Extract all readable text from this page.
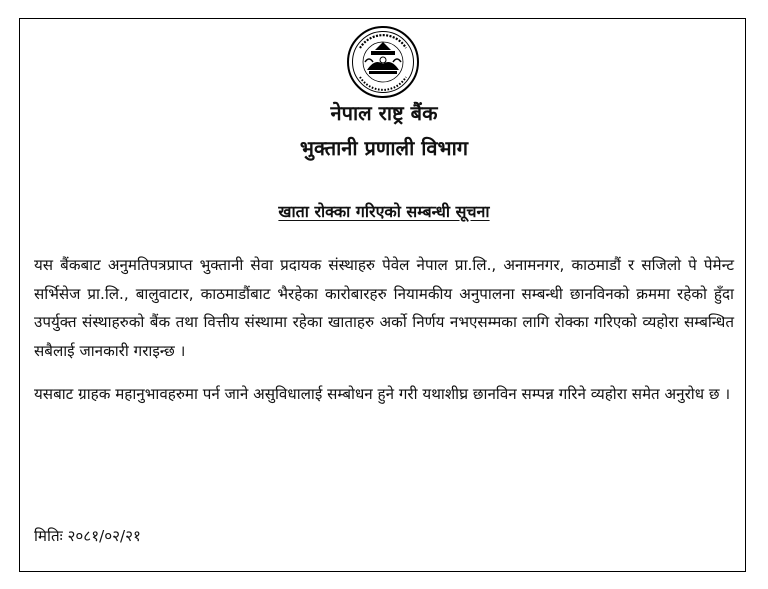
नेपाल राष्ट्र बैंक
भुक्तानी प्रणाली विभाग
खाता रोक्का गरिएको सम्बन्धी सूचना

यस बैंकबाट अनुमतिपत्रप्राप्त भुक्तानी सेवा प्रदायक संस्थाहरु पेवेल नेपाल प्रा.लि., अनामनगर, काठमाडौं र सजिलो पे पेमेन्ट सर्भिसेज प्रा.लि., बालुवाटार, काठमाडौंबाट भैरहेका कारोबारहरु नियामकीय अनुपालना सम्बन्धी छानविनको क्रममा रहेको हुँदा उपर्युक्त संस्थाहरुको बैंक तथा वित्तीय संस्थामा रहेका खाताहरु अर्को निर्णय नभएसम्मका लागि रोक्का गरिएको व्यहोरा सम्बन्धित सबैलाई जानकारी गराइन्छ ।

यसबाट ग्राहक महानुभावहरुमा पर्न जाने असुविधालाई सम्बोधन हुने गरी यथाशीघ्र छानविन सम्पन्न गरिने व्यहोरा समेत अनुरोध छ ।

मितिः २०८१/०२/२१
